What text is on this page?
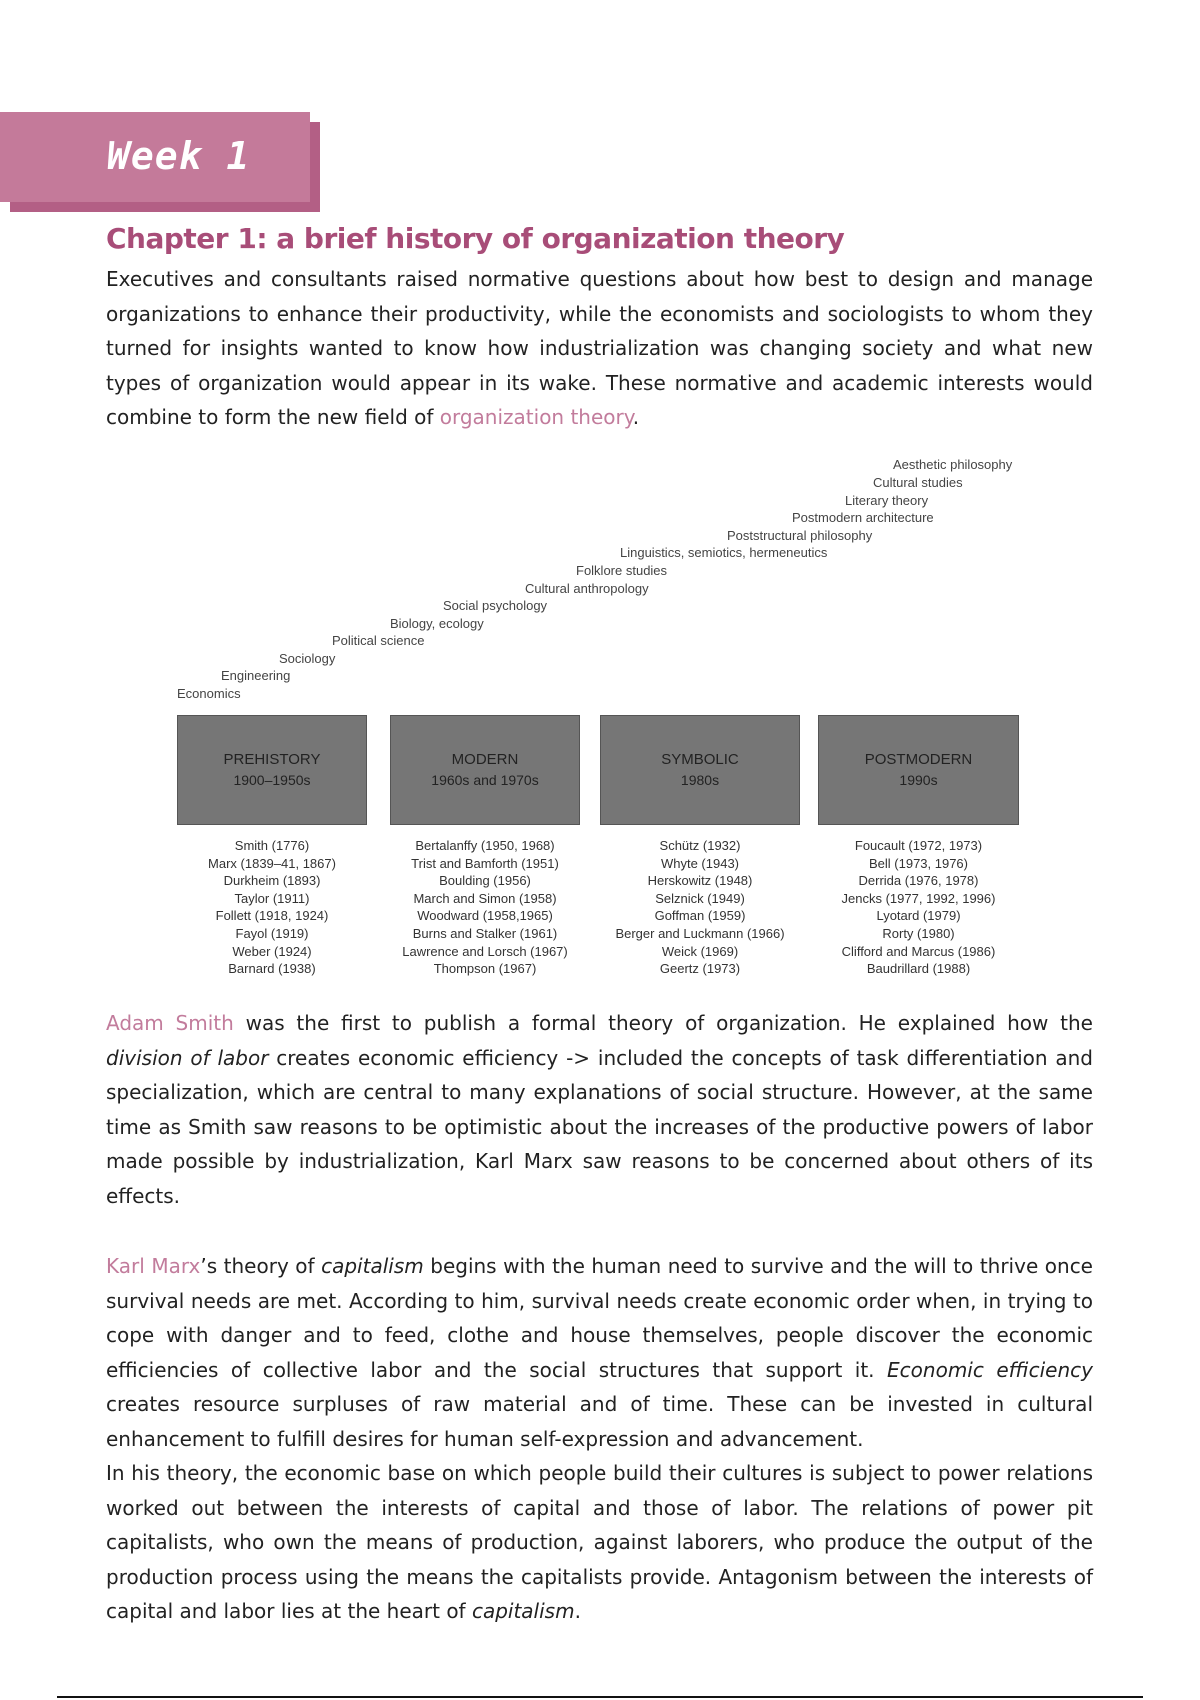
Week 1
Chapter 1: a brief history of organization theory

Executives and consultants raised normative questions about how best to design and manage organizations to enhance their productivity, while the economists and sociologists to whom they turned for insights wanted to know how industrialization was changing society and what new types of organization would appear in its wake. These normative and academic interests would combine to form the new field of organization theory.

Economics
Engineering
Sociology
Political science
Biology, ecology
Social psychology
Cultural anthropology
Folklore studies
Linguistics, semiotics, hermeneutics
Poststructural philosophy
Postmodern architecture
Literary theory
Cultural studies
Aesthetic philosophy
PREHISTORY
1900–1950s
MODERN
1960s and 1970s
SYMBOLIC
1980s
POSTMODERN
1990s
Smith (1776)
Marx (1839–41, 1867)
Durkheim (1893)
Taylor (1911)
Follett (1918, 1924)
Fayol (1919)
Weber (1924)
Barnard (1938)
Bertalanffy (1950, 1968)
Trist and Bamforth (1951)
Boulding (1956)
March and Simon (1958)
Woodward (1958,1965)
Burns and Stalker (1961)
Lawrence and Lorsch (1967)
Thompson (1967)
Schütz (1932)
Whyte (1943)
Herskowitz (1948)
Selznick (1949)
Goffman (1959)
Berger and Luckmann (1966)
Weick (1969)
Geertz (1973)
Foucault (1972, 1973)
Bell (1973, 1976)
Derrida (1976, 1978)
Jencks (1977, 1992, 1996)
Lyotard (1979)
Rorty (1980)
Clifford and Marcus (1986)
Baudrillard (1988)

Adam Smith was the first to publish a formal theory of organization. He explained how the division of labor creates economic efficiency -> included the concepts of task differentiation and specialization, which are central to many explanations of social structure. However, at the same time as Smith saw reasons to be optimistic about the increases of the productive powers of labor made possible by industrialization, Karl Marx saw reasons to be concerned about others of its effects.

Karl Marx’s theory of capitalism begins with the human need to survive and the will to thrive once survival needs are met. According to him, survival needs create economic order when, in trying to cope with danger and to feed, clothe and house themselves, people discover the economic efficiencies of collective labor and the social structures that support it. Economic efficiency creates resource surpluses of raw material and of time. These can be invested in cultural enhancement to fulfill desires for human self-expression and advancement.

In his theory, the economic base on which people build their cultures is subject to power relations worked out between the interests of capital and those of labor. The relations of power pit capitalists, who own the means of production, against laborers, who produce the output of the production process using the means the capitalists provide. Antagonism between the interests of capital and labor lies at the heart of capitalism.
